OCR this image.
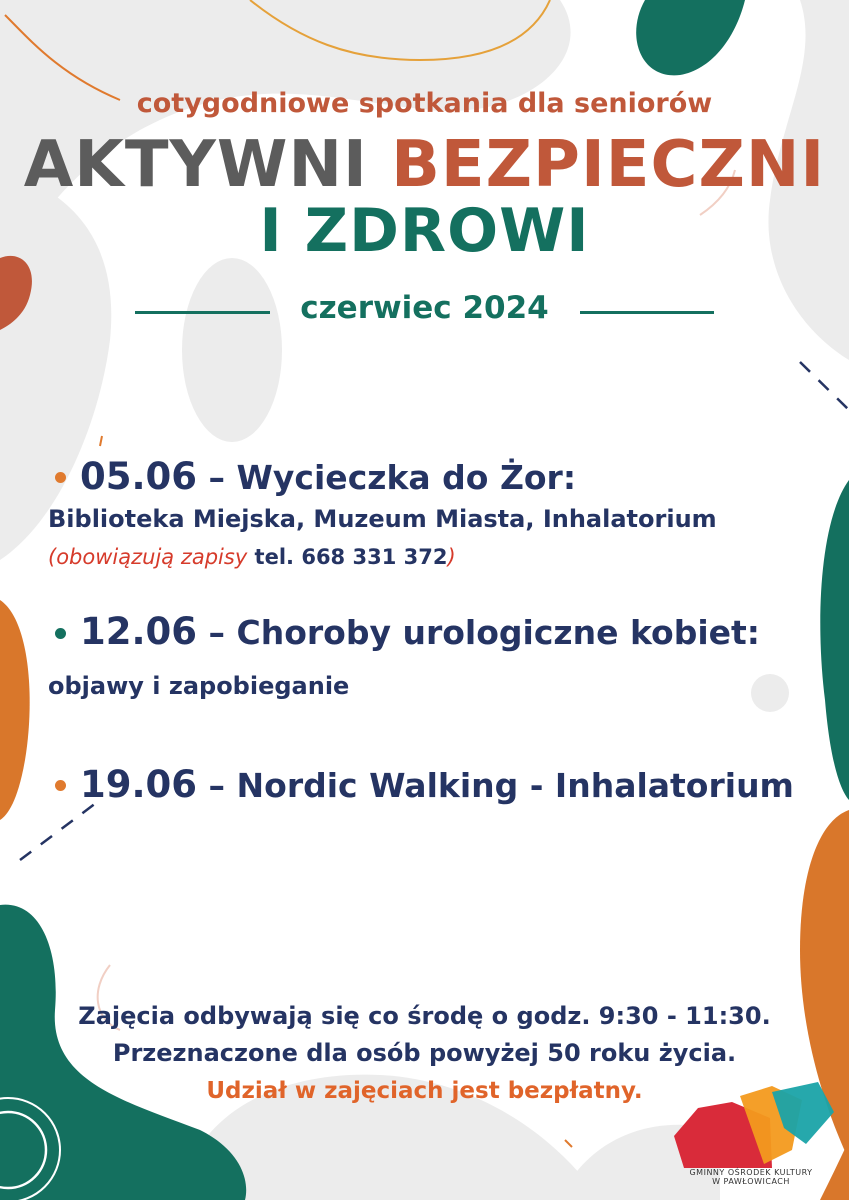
cotygodniowe spotkania dla seniorów
AKTYWNI BEZPIECZNI
I ZDROWI
czerwiec 2024
05.06 – Wycieczka do Żor:
Biblioteka Miejska, Muzeum Miasta, Inhalatorium
(obowiązują zapisy tel. 668 331 372)
12.06 – Choroby urologiczne kobiet:
objawy i zapobieganie
19.06 – Nordic Walking - Inhalatorium
Zajęcia odbywają się co środę o godz. 9:30 - 11:30.
Przeznaczone dla osób powyżej 50 roku życia.
Udział w zajęciach jest bezpłatny.
GMINNY OŚRODEK KULTURY
W PAWŁOWICACH
